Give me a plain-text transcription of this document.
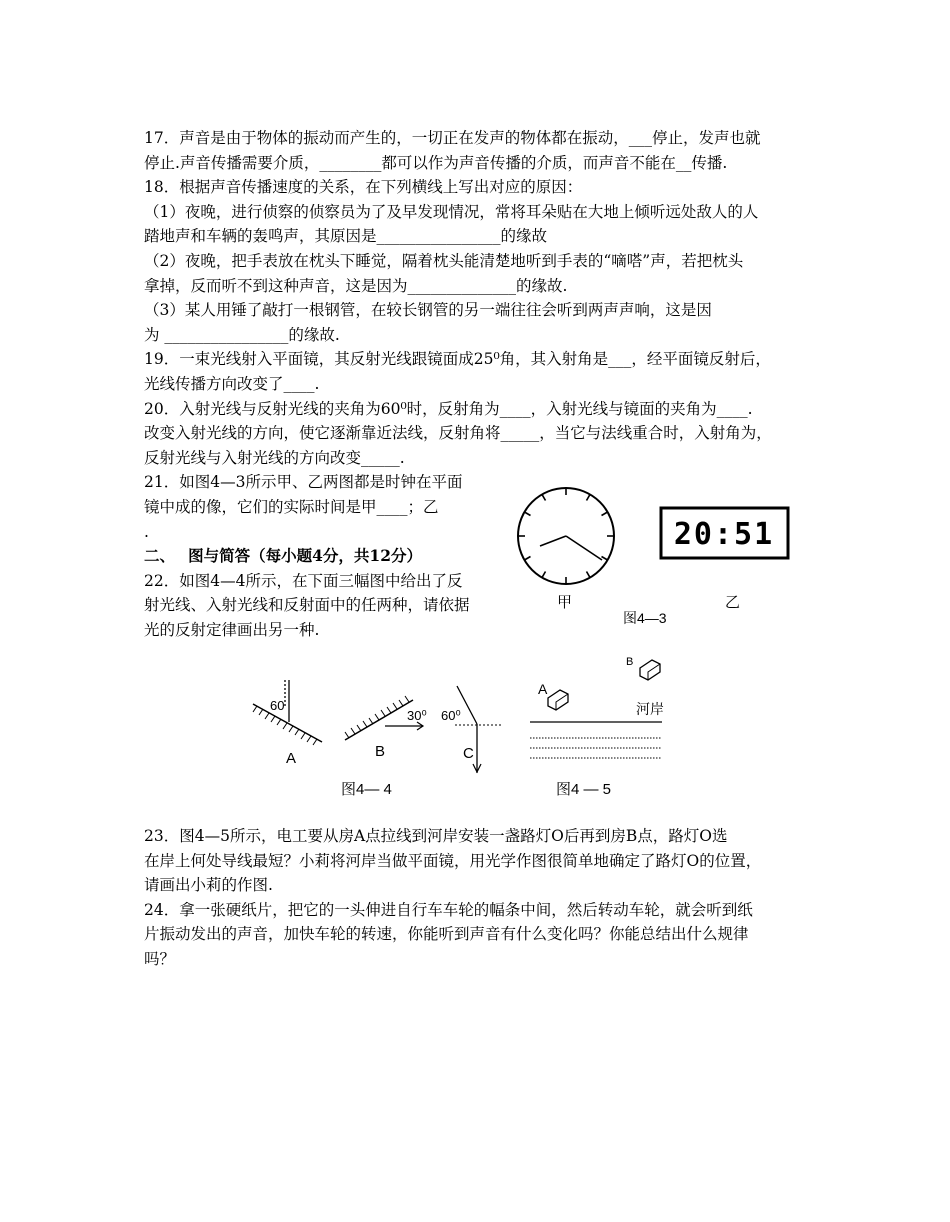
17．声音是由于物体的振动而产生的，一切正在发声的物体都在振动，___停止，发声也就
停止.声音传播需要介质，________都可以作为声音传播的介质，而声音不能在__传播.
18．根据声音传播速度的关系，在下列横线上写出对应的原因：
（1）夜晚，进行侦察的侦察员为了及早发现情况，常将耳朵贴在大地上倾听远处敌人的人
踏地声和车辆的轰鸣声，其原因是________________的缘故
（2）夜晚，把手表放在枕头下睡觉，隔着枕头能清楚地听到手表的“嘀嗒”声，若把枕头
拿掉，反而听不到这种声音，这是因为______________的缘故.
（3）某人用锤了敲打一根钢管，在较长钢管的另一端往往会听到两声声响，这是因
为 ________________的缘故.
19．一束光线射入平面镜，其反射光线跟镜面成25⁰角，其入射角是___，经平面镜反射后，
光线传播方向改变了____.
20．入射光线与反射光线的夹角为60⁰时，反射角为____，入射光线与镜面的夹角为____.
改变入射光线的方向，使它逐渐靠近法线，反射角将_____，当它与法线重合时，入射角为，
反射光线与入射光线的方向改变_____.
21．如图4—3所示甲、乙两图都是时钟在平面
镜中成的像，它们的实际时间是甲____；乙
.
二、　 图与简答（每小题4分，共12分）
22．如图4—4所示，在下面三幅图中给出了反
射光线、入射光线和反射面中的任两种，请依据
光的反射定律画出另一种.
甲
20:51
乙
图4—3
60
A
30⁰
B
60⁰
C
图4— 4
B
A
河岸
图4 — 5
23．图4—5所示，电工要从房A点拉线到河岸安装一盏路灯O后再到房B点，路灯O选
在岸上何处导线最短？小莉将河岸当做平面镜，用光学作图很简单地确定了路灯O的位置，
请画出小莉的作图.
24．拿一张硬纸片，把它的一头伸进自行车车轮的幅条中间，然后转动车轮，就会听到纸
片振动发出的声音，加快车轮的转速，你能听到声音有什么变化吗？你能总结出什么规律
吗？
